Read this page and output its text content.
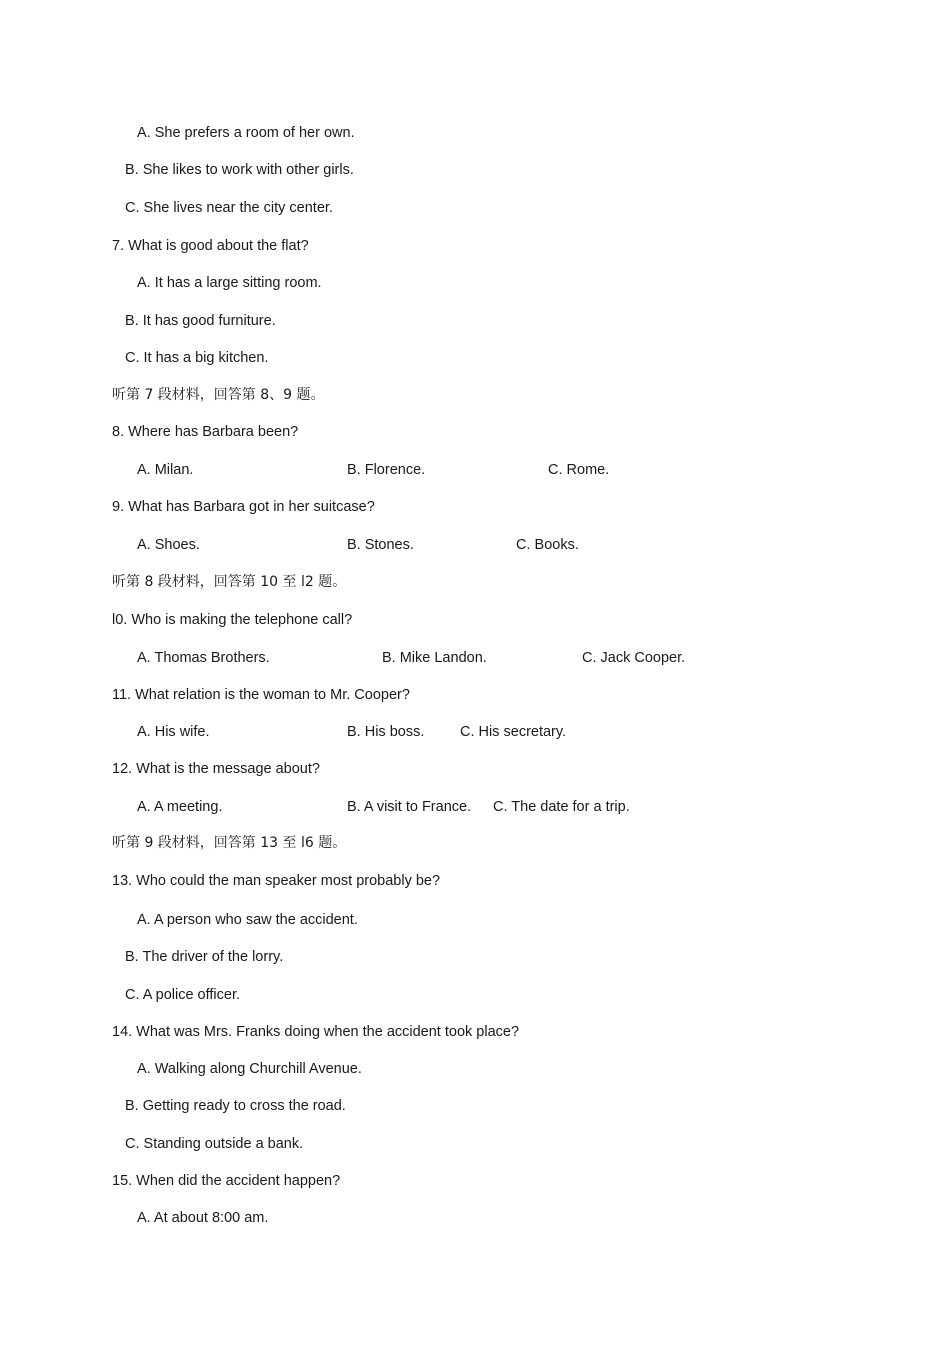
A. She prefers a room of her own.
B. She likes to work with other girls.
C. She lives near the city center.
7. What is good about the flat?
A. It has a large sitting room.
B. It has good furniture.
C. It has a big kitchen.
听第 7 段材料，回答第 8、9 题。
8. Where has Barbara been?
A. Milan.	B. Florence.	C. Rome.
9. What has Barbara got in her suitcase?
A. Shoes.	B. Stones.	C. Books.
听第 8 段材料，回答第 10 至 l2 题。
l0. Who is making the telephone call?
A. Thomas Brothers.	B. Mike Landon.	C. Jack Cooper.
11. What relation is the woman to Mr. Cooper?
A. His wife.	B. His boss. C. His secretary.
12. What is the message about?
A. A meeting.	B. A visit to France. C. The date for a trip.
听第 9 段材料，回答第 13 至 l6 题。
13. Who could the man speaker most probably be?
A. A person who saw the accident.
B. The driver of the lorry.
C. A police officer.
14. What was Mrs. Franks doing when the accident took place?
A. Walking along Churchill Avenue.
B. Getting ready to cross the road.
C. Standing outside a bank.
15. When did the accident happen?
A. At about 8:00 am.
